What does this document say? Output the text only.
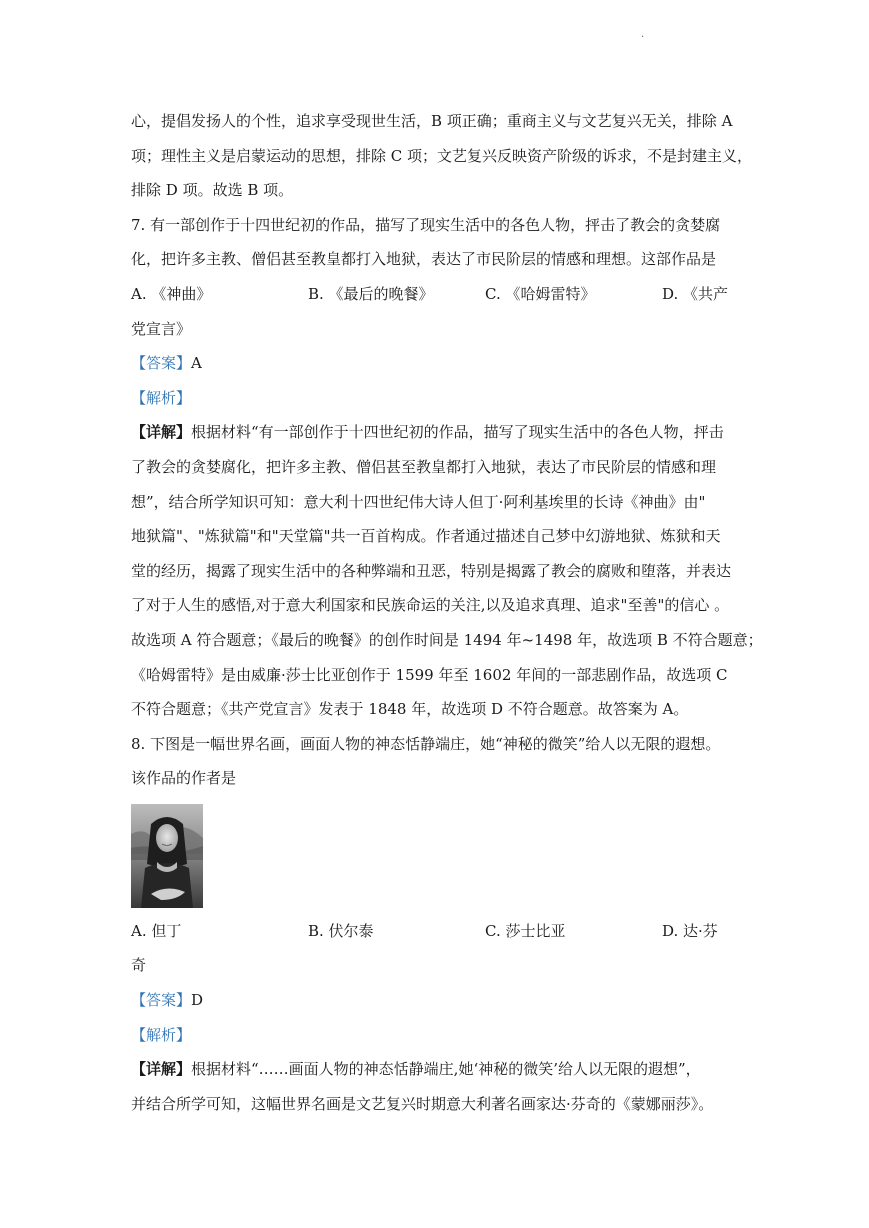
·
心，提倡发扬人的个性，追求享受现世生活，B 项正确；重商主义与文艺复兴无关，排除 A
项；理性主义是启蒙运动的思想，排除 C 项；文艺复兴反映资产阶级的诉求，不是封建主义，
排除 D 项。故选 B 项。
7. 有一部创作于十四世纪初的作品，描写了现实生活中的各色人物，抨击了教会的贪婪腐
化，把许多主教、僧侣甚至教皇都打入地狱，表达了市民阶层的情感和理想。这部作品是
A. 《神曲》	B. 《最后的晚餐》	C. 《哈姆雷特》	D. 《共产
党宣言》
【答案】A
【解析】
【详解】根据材料“有一部创作于十四世纪初的作品，描写了现实生活中的各色人物，抨击
了教会的贪婪腐化，把许多主教、僧侣甚至教皇都打入地狱，表达了市民阶层的情感和理
想”，结合所学知识可知：意大利十四世纪伟大诗人但丁·阿利基埃里的长诗《神曲》由"
地狱篇"、"炼狱篇"和"天堂篇"共一百首构成。作者通过描述自己梦中幻游地狱、炼狱和天
堂的经历，揭露了现实生活中的各种弊端和丑恶，特别是揭露了教会的腐败和堕落，并表达
了对于人生的感悟,对于意大利国家和民族命运的关注,以及追求真理、追求"至善"的信心 。
故选项 A 符合题意；《最后的晚餐》的创作时间是 1494 年~1498 年，故选项 B 不符合题意；
《哈姆雷特》是由威廉·莎士比亚创作于 1599 年至 1602 年间的一部悲剧作品，故选项 C
不符合题意；《共产党宣言》发表于 1848 年，故选项 D 不符合题意。故答案为 A。
8. 下图是一幅世界名画，画面人物的神态恬静端庄，她“神秘的微笑”给人以无限的遐想。
该作品的作者是
A. 但丁	B. 伏尔泰	C. 莎士比亚	D. 达·芬
奇
【答案】D
【解析】
【详解】根据材料“……画面人物的神态恬静端庄,她‘神秘的微笑’给人以无限的遐想”，
并结合所学可知，这幅世界名画是文艺复兴时期意大利著名画家达·芬奇的《蒙娜丽莎》。
